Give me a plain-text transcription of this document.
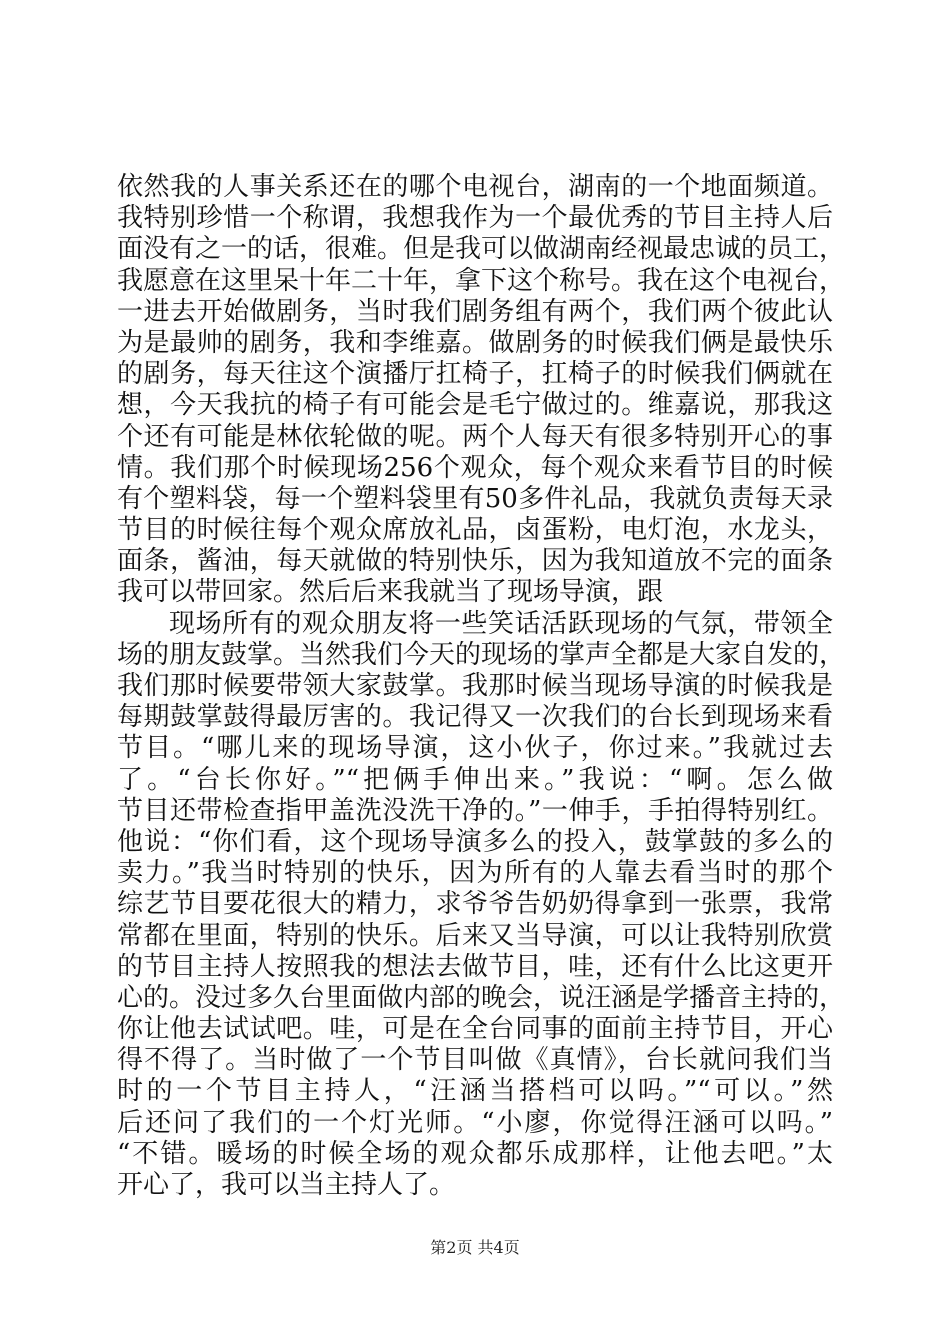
依然我的人事关系还在的哪个电视台，湖南的一个地面频道。
我特别珍惜一个称谓，我想我作为一个最优秀的节目主持人后
面没有之一的话，很难。但是我可以做湖南经视最忠诚的员工，
我愿意在这里呆十年二十年，拿下这个称号。我在这个电视台，
一进去开始做剧务，当时我们剧务组有两个，我们两个彼此认
为是最帅的剧务，我和李维嘉。做剧务的时候我们俩是最快乐
的剧务，每天往这个演播厅扛椅子，扛椅子的时候我们俩就在
想，今天我抗的椅子有可能会是毛宁做过的。维嘉说，那我这
个还有可能是林依轮做的呢。两个人每天有很多特别开心的事
情。我们那个时候现场256个观众，每个观众来看节目的时候
有个塑料袋，每一个塑料袋里有50多件礼品，我就负责每天录
节目的时候往每个观众席放礼品，卤蛋粉，电灯泡，水龙头，
面条，酱油，每天就做的特别快乐，因为我知道放不完的面条
我可以带回家。然后后来我就当了现场导演，跟
现场所有的观众朋友将一些笑话活跃现场的气氛，带领全
场的朋友鼓掌。当然我们今天的现场的掌声全都是大家自发的，
我们那时候要带领大家鼓掌。我那时候当现场导演的时候我是
每期鼓掌鼓得最厉害的。我记得又一次我们的台长到现场来看
节目。“哪儿来的现场导演，这小伙子，你过来。”我就过去
了。“台长你好。”“把俩手伸出来。”我说：“啊。怎么做
节目还带检查指甲盖洗没洗干净的。”一伸手，手拍得特别红。
他说：“你们看，这个现场导演多么的投入，鼓掌鼓的多么的
卖力。”我当时特别的快乐，因为所有的人靠去看当时的那个
综艺节目要花很大的精力，求爷爷告奶奶得拿到一张票，我常
常都在里面，特别的快乐。后来又当导演，可以让我特别欣赏
的节目主持人按照我的想法去做节目，哇，还有什么比这更开
心的。没过多久台里面做内部的晚会，说汪涵是学播音主持的，
你让他去试试吧。哇，可是在全台同事的面前主持节目，开心
得不得了。当时做了一个节目叫做《真情》，台长就问我们当
时的一个节目主持人，“汪涵当搭档可以吗。”“可以。”然
后还问了我们的一个灯光师。“小廖，你觉得汪涵可以吗。”
“不错。暖场的时候全场的观众都乐成那样，让他去吧。”太
开心了，我可以当主持人了。
第2页 共4页
